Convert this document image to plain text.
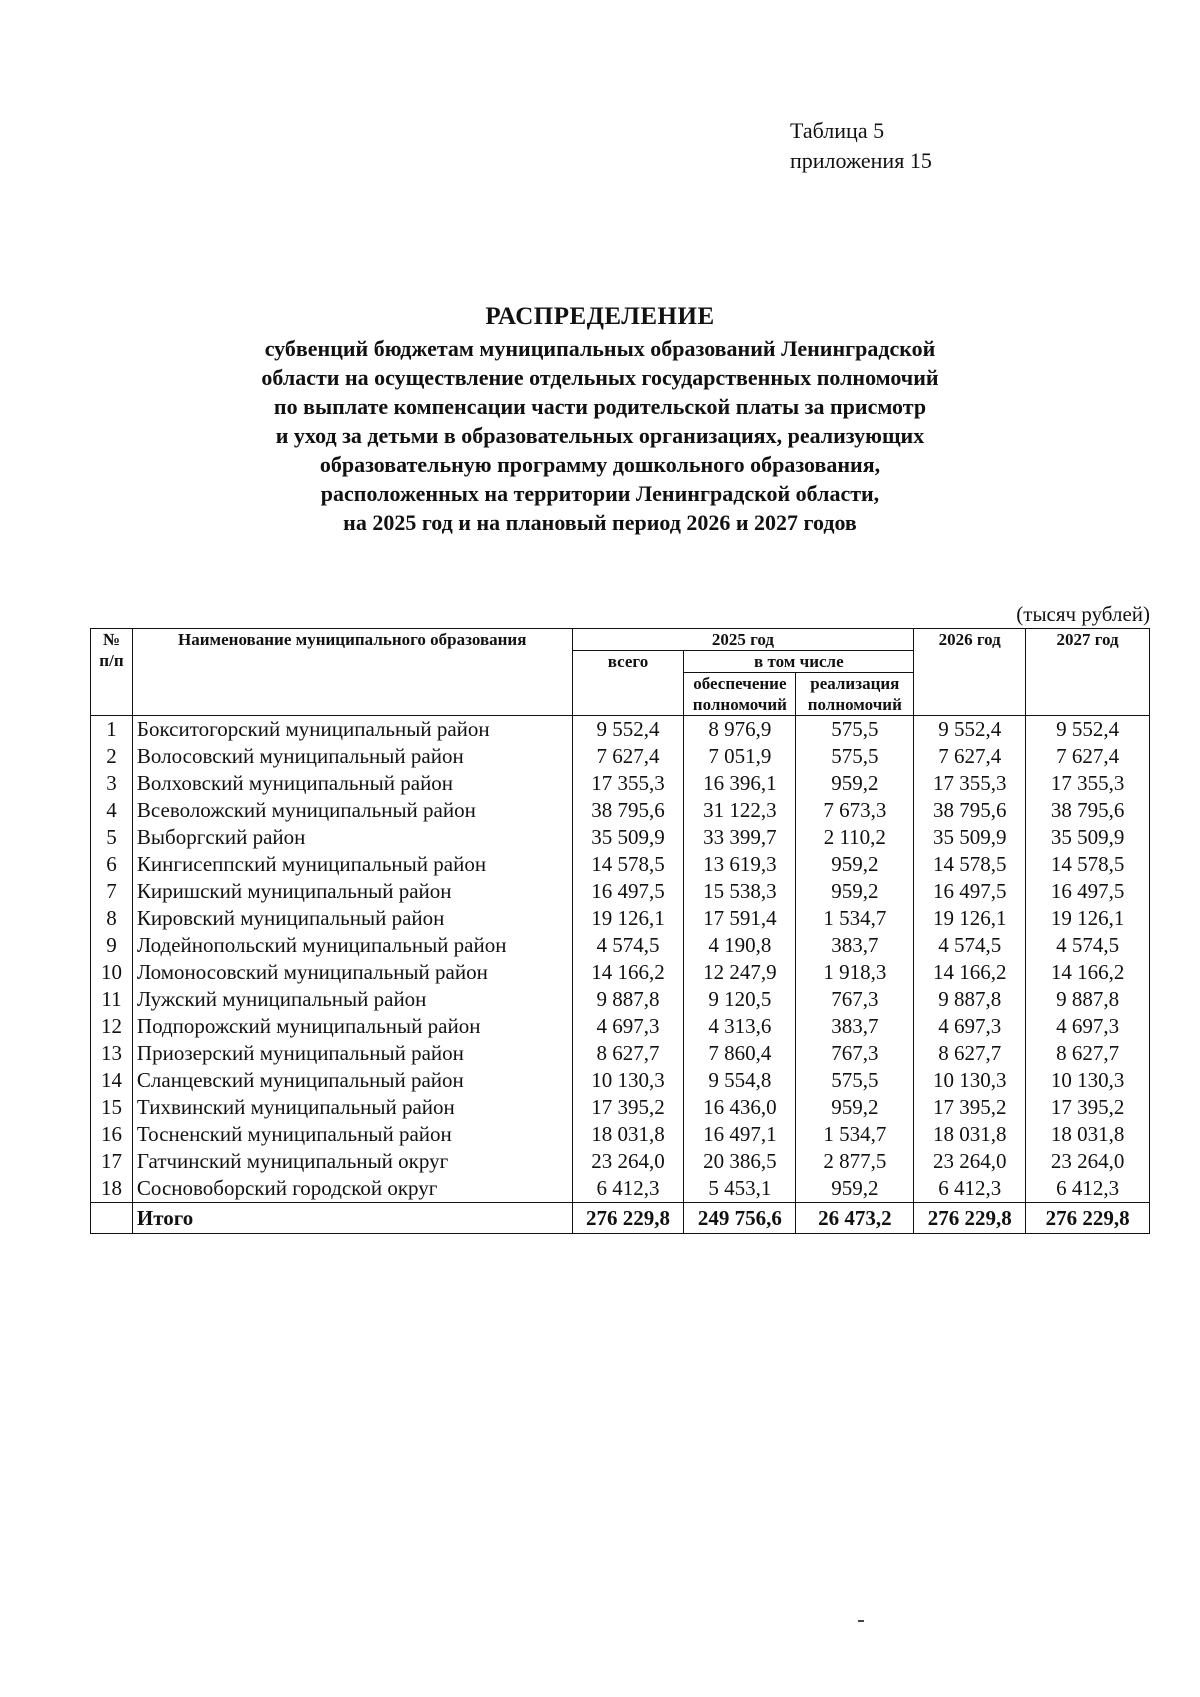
Таблица 5
приложения 15
РАСПРЕДЕЛЕНИЕ
субвенций бюджетам муниципальных образований Ленинградской
области на осуществление отдельных государственных полномочий
по выплате компенсации части родительской платы за присмотр
и уход за детьми в образовательных организациях, реализующих
образовательную программу дошкольного образования,
расположенных на территории Ленинградской области,
на 2025 год и на плановый период 2026 и 2027 годов
(тысяч рублей)
№ п/п	Наименование муниципального образования	2025 год			2026 год	2027 год
		всего	в том числе			
			обеспечение полномочий	реализация полномочий		
1	Бокситогорский муниципальный район	9 552,4	8 976,9	575,5	9 552,4	9 552,4
2	Волосовский муниципальный район	7 627,4	7 051,9	575,5	7 627,4	7 627,4
3	Волховский муниципальный район	17 355,3	16 396,1	959,2	17 355,3	17 355,3
4	Всеволожский муниципальный район	38 795,6	31 122,3	7 673,3	38 795,6	38 795,6
5	Выборгский район	35 509,9	33 399,7	2 110,2	35 509,9	35 509,9
6	Кингисеппский муниципальный район	14 578,5	13 619,3	959,2	14 578,5	14 578,5
7	Киришский муниципальный район	16 497,5	15 538,3	959,2	16 497,5	16 497,5
8	Кировский муниципальный район	19 126,1	17 591,4	1 534,7	19 126,1	19 126,1
9	Лодейнопольский муниципальный район	4 574,5	4 190,8	383,7	4 574,5	4 574,5
10	Ломоносовский муниципальный район	14 166,2	12 247,9	1 918,3	14 166,2	14 166,2
11	Лужский муниципальный район	9 887,8	9 120,5	767,3	9 887,8	9 887,8
12	Подпорожский муниципальный район	4 697,3	4 313,6	383,7	4 697,3	4 697,3
13	Приозерский муниципальный район	8 627,7	7 860,4	767,3	8 627,7	8 627,7
14	Сланцевский муниципальный район	10 130,3	9 554,8	575,5	10 130,3	10 130,3
15	Тихвинский муниципальный район	17 395,2	16 436,0	959,2	17 395,2	17 395,2
16	Тосненский муниципальный район	18 031,8	16 497,1	1 534,7	18 031,8	18 031,8
17	Гатчинский муниципальный округ	23 264,0	20 386,5	2 877,5	23 264,0	23 264,0
18	Сосновоборский городской округ	6 412,3	5 453,1	959,2	6 412,3	6 412,3
	Итого	276 229,8	249 756,6	26 473,2	276 229,8	276 229,8
